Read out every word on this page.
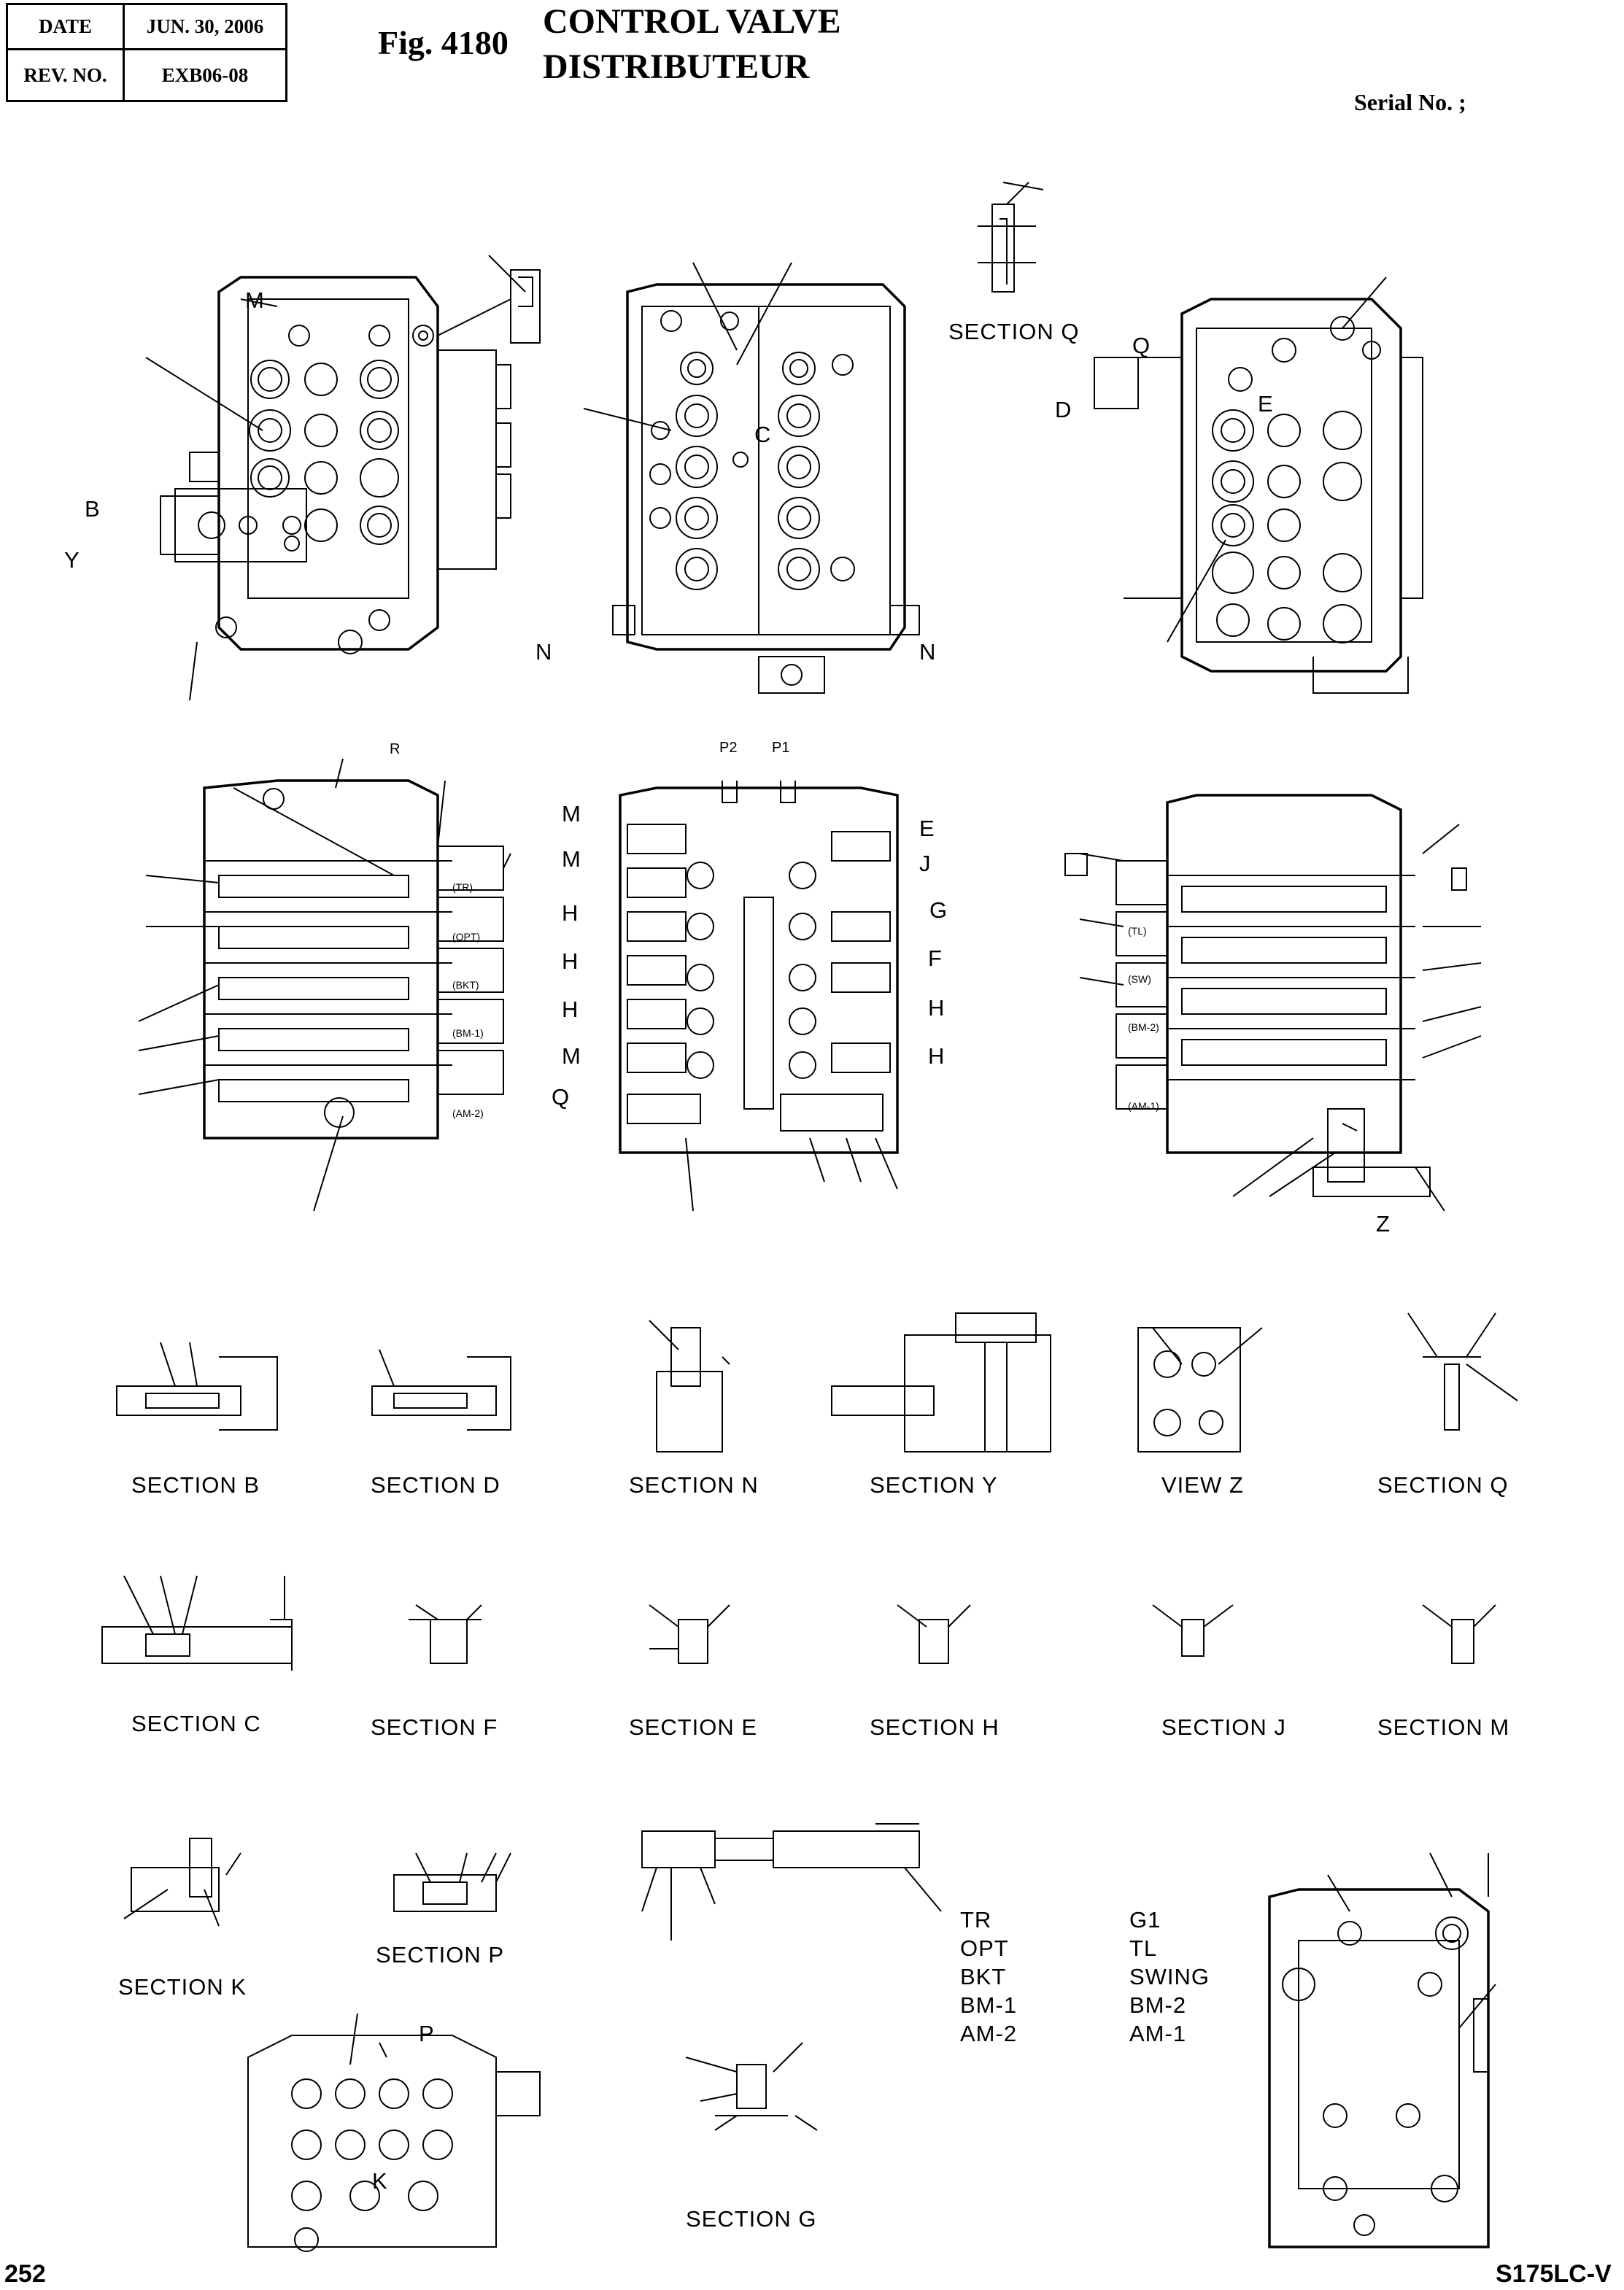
DATE	JUN. 30, 2006
REV. NO.	EXB06-08
Fig. 4180
CONTROL VALVE
DISTRIBUTEUR
Serial No. ;
SECTION Q
SECTION B	SECTION D	SECTION N	SECTION Y	VIEW Z	SECTION Q
SECTION C	SECTION F	SECTION E	SECTION H	SECTION J	SECTION M
SECTION K
SECTION P
SECTION G
TR
OPT
BKT
BM-1
AM-2
G1
TL
SWING
BM-2
AM-1
M
B
Y
C
N	N
Q
D	E
R	P2 P1
M
M
H
H
H
M
Q
E
J
G
F
H
H
Z
P
K
(TR)
(OPT)
(BKT)
(BM-1)
(AM-2)
(TL)
(SW)
(BM-2)
(AM-1)
252	S175LC-V
